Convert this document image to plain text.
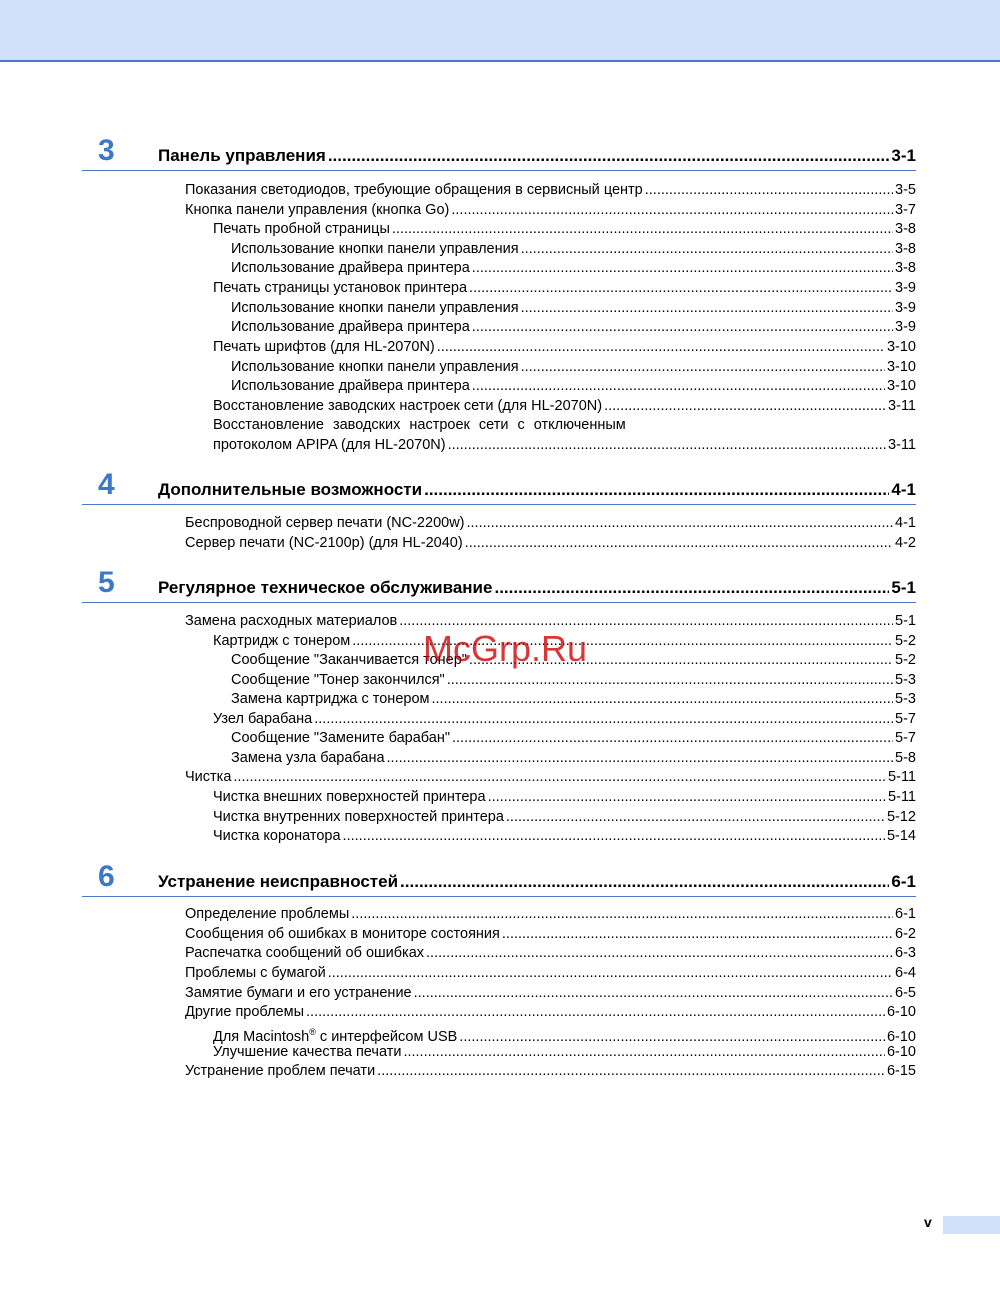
3	Панель управления .....	3-1
Показания светодиодов, требующие обращения в сервисный центр .....	3-5
Кнопка панели управления (кнопка Go) .....	3-7
Печать пробной страницы .....	3-8
Использование кнопки панели управления .....	3-8
Использование драйвера принтера .....	3-8
Печать страницы установок принтера .....	3-9
Использование кнопки панели управления .....	3-9
Использование драйвера принтера .....	3-9
Печать шрифтов (для HL-2070N) .....	3-10
Использование кнопки панели управления .....	3-10
Использование драйвера принтера .....	3-10
Восстановление заводских настроек сети (для HL-2070N) .....	3-11
Восстановление заводских настроек сети с отключенным
протоколом APIPA (для HL-2070N) .....	3-11
4	Дополнительные возможности .....	4-1
Беспроводной сервер печати (NC-2200w) .....	4-1
Сервер печати (NC-2100p) (для HL-2040) .....	4-2
5	Регулярное техническое обслуживание .....	5-1
Замена расходных материалов .....	5-1
Картридж с тонером .....	5-2
Сообщение "Заканчивается тонер" .....	5-2
Сообщение "Тонер закончился" .....	5-3
Замена картриджа с тонером .....	5-3
Узел барабана .....	5-7
Сообщение "Замените барабан" .....	5-7
Замена узла барабана .....	5-8
Чистка .....	5-11
Чистка внешних поверхностей принтера .....	5-11
Чистка внутренних поверхностей принтера .....	5-12
Чистка коронатора .....	5-14
6	Устранение неисправностей .....	6-1
Определение проблемы .....	6-1
Сообщения об ошибках в мониторе состояния .....	6-2
Распечатка сообщений об ошибках .....	6-3
Проблемы с бумагой .....	6-4
Замятие бумаги и его устранение .....	6-5
Другие проблемы .....	6-10
Для Macintosh® с интерфейсом USB .....	6-10
Улучшение качества печати .....	6-10
Устранение проблем печати .....	6-15
McGrp.Ru
v
